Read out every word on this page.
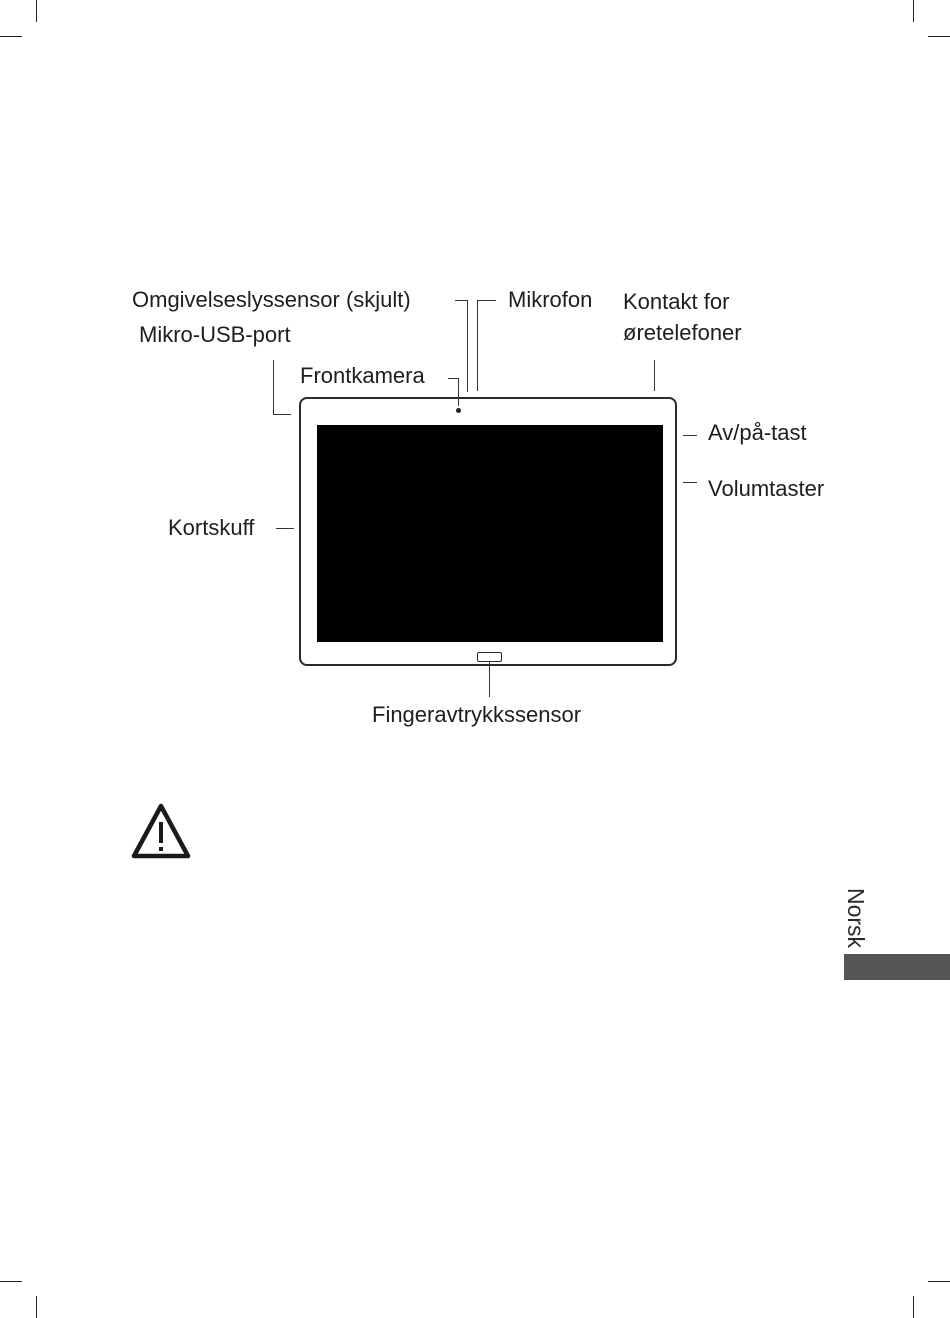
Omgivelseslyssensor (skjult)	Mikrofon Kontakt for
øretelefoner
Mikro-USB-port
Frontkamera
Av/på-tast
Volumtaster
Kortskuff
Fingeravtrykkssensor
Norsk
